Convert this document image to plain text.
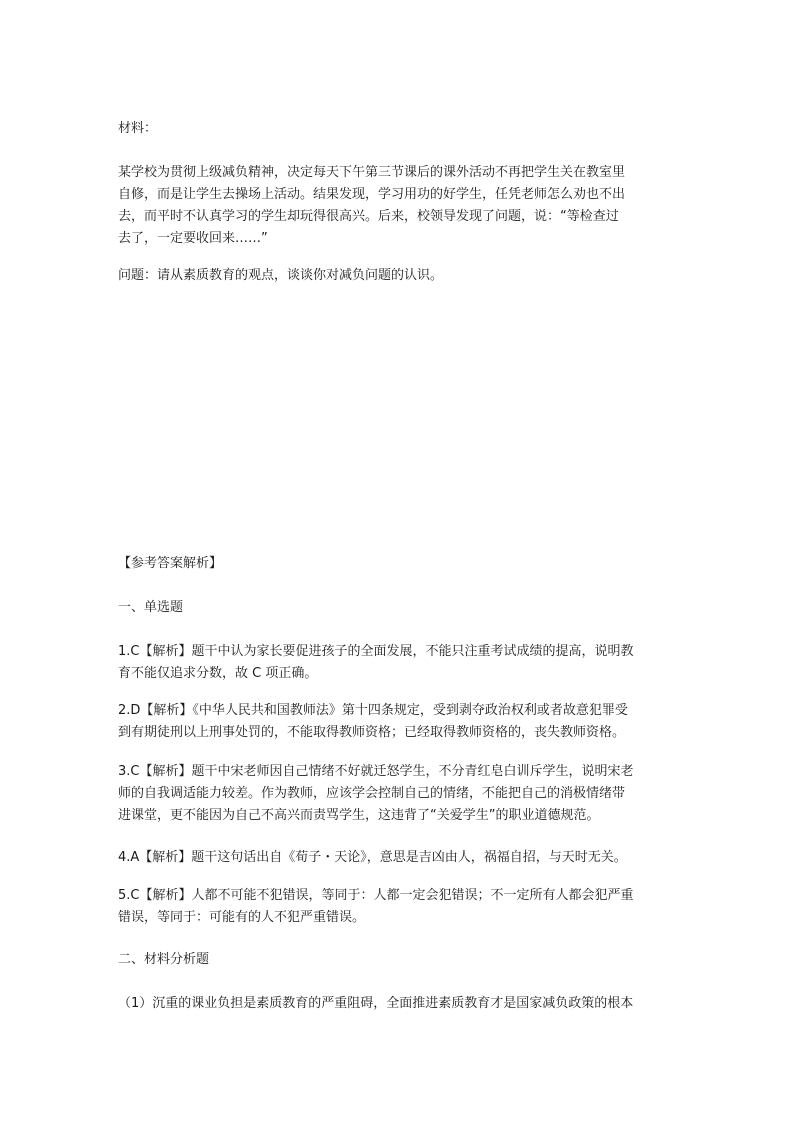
材料：

某学校为贯彻上级减负精神，决定每天下午第三节课后的课外活动不再把学生关在教室里
自修，而是让学生去操场上活动。结果发现，学习用功的好学生，任凭老师怎么劝也不出
去，而平时不认真学习的学生却玩得很高兴。后来，校领导发现了问题，说：“等检查过
去了，一定要收回来……”

问题：请从素质教育的观点，谈谈你对减负问题的认识。

【参考答案解析】

一、单选题

1.C【解析】题干中认为家长要促进孩子的全面发展，不能只注重考试成绩的提高，说明教
育不能仅追求分数，故 C 项正确。
2.D【解析】《中华人民共和国教师法》第十四条规定，受到剥夺政治权利或者故意犯罪受
到有期徒刑以上刑事处罚的，不能取得教师资格；已经取得教师资格的，丧失教师资格。
3.C【解析】题干中宋老师因自己情绪不好就迁怒学生，不分青红皂白训斥学生，说明宋老
师的自我调适能力较差。作为教师，应该学会控制自己的情绪，不能把自己的消极情绪带
进课堂，更不能因为自己不高兴而责骂学生，这违背了“关爱学生”的职业道德规范。
4.A【解析】题干这句话出自《荀子・天论》，意思是吉凶由人，祸福自招，与天时无关。
5.C【解析】人都不可能不犯错误，等同于：人都一定会犯错误；不一定所有人都会犯严重
错误，等同于：可能有的人不犯严重错误。

二、材料分析题

（1）沉重的课业负担是素质教育的严重阻碍，全面推进素质教育才是国家减负政策的根本
